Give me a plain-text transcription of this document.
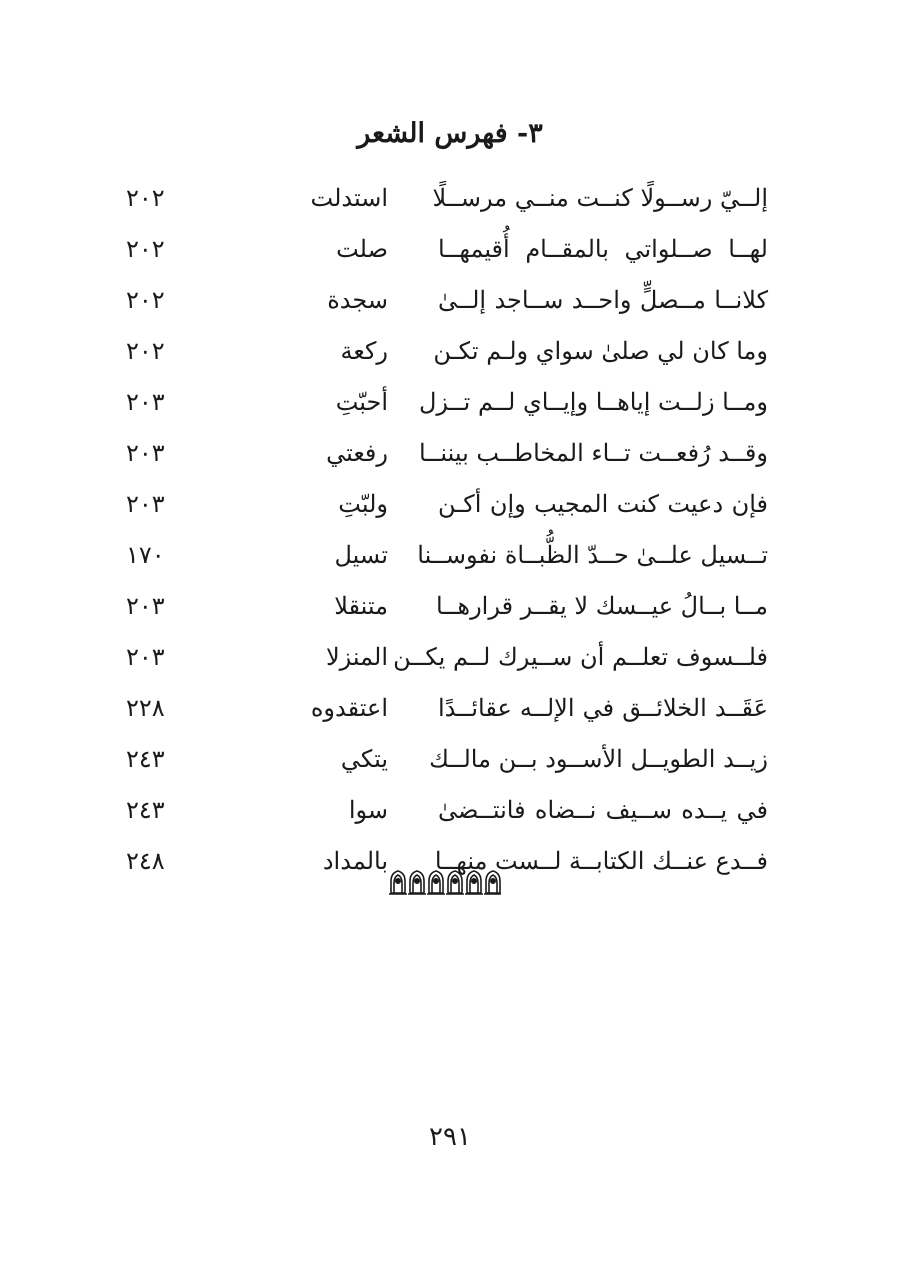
٣- فهرس الشعر
إلــيّ رســولًا كنــت منــي مرســلًا
استدلت
٢٠٢
لهــا صــلواتي بالمقــام أُقيمهــا
صلت
٢٠٢
كلانــا مــصلٍّ واحــد ســاجد إلــىٰ
سجدة
٢٠٢
وما كان لي صلىٰ سواي ولـم تكـن
ركعة
٢٠٢
ومــا زلــت إياهــا وإيــاي لــم تــزل
أحبّتِ
٢٠٣
وقــد رُفعــت تــاء المخاطــب بيننــا
رفعتي
٢٠٣
فإن دعيت كنت المجيب وإن أكـن
ولبّتِ
٢٠٣
تــسيل علــىٰ حــدّ الظُّبــاة نفوســنا
تسيل
١٧٠
مــا بــالُ عيــسك لا يقــر قرارهــا
متنقلا
٢٠٣
فلــسوف تعلــم أن ســيرك لــم يكــن
المنزلا
٢٠٣
عَقَــد الخلائــق في الإلــه عقائــدًا
اعتقدوه
٢٢٨
زيــد الطويــل الأســود بــن مالــك
يتكي
٢٤٣
في يــده ســيف نــضاه فانتــضىٰ
سوا
٢٤٣
فــدع عنــك الكتابــة لــست منهــا
بالمداد
٢٤٨
٢٩١
